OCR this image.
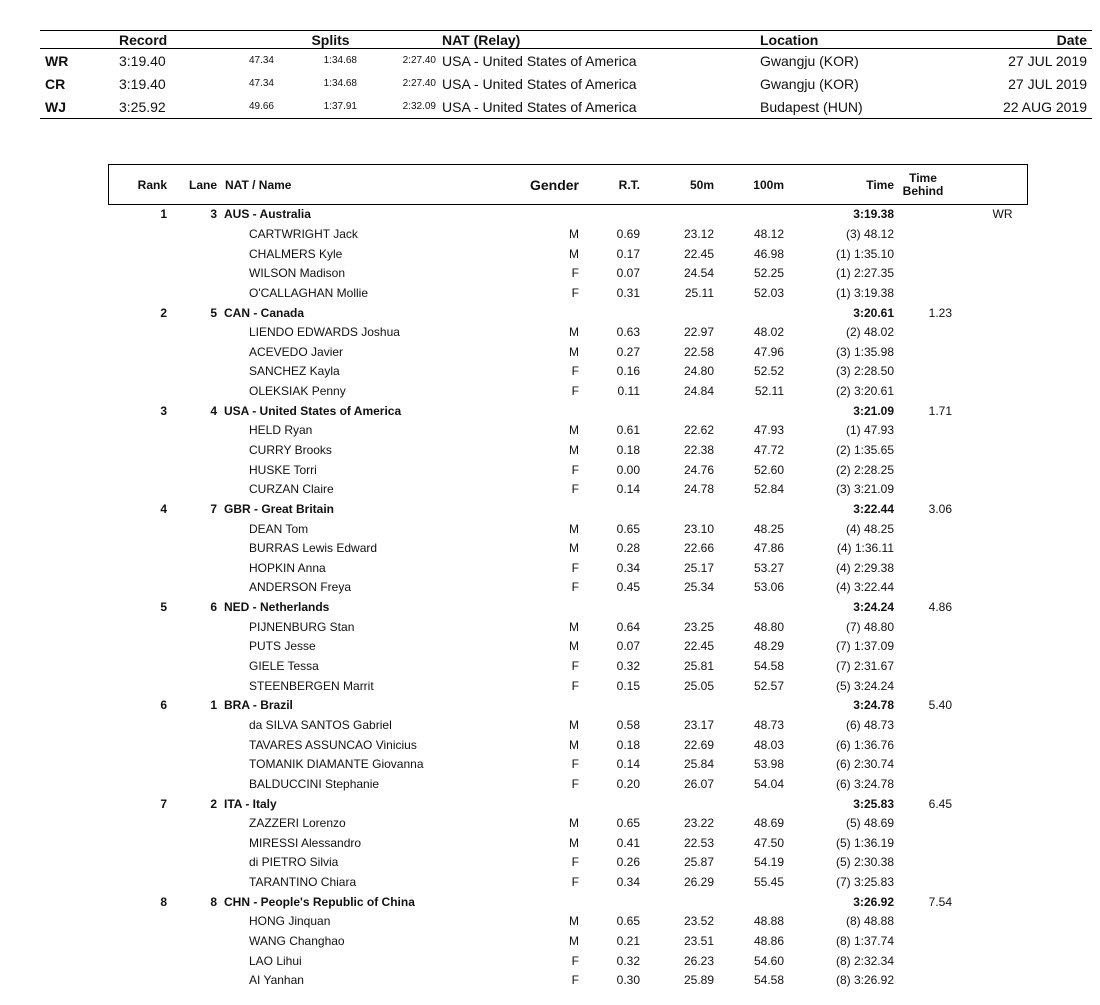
	Record	Splits			NAT (Relay)	Location	Date
WR	3:19.40	47.34	1:34.68	2:27.40	USA - United States of America	Gwangju (KOR)	27 JUL 2019
CR	3:19.40	47.34	1:34.68	2:27.40	USA - United States of America	Gwangju (KOR)	27 JUL 2019
WJ	3:25.92	49.66	1:37.91	2:32.09	USA - United States of America	Budapest (HUN)	22 AUG 2019
Rank	Lane	NAT / Name	Gender	R.T.	50m	100m	Time	Time Behind	
1	3	AUS - Australia					3:19.38		WR
		CARTWRIGHT Jack	M	0.69	23.12	48.12	(3) 48.12		
		CHALMERS Kyle	M	0.17	22.45	46.98	(1) 1:35.10		
		WILSON Madison	F	0.07	24.54	52.25	(1) 2:27.35		
		O'CALLAGHAN Mollie	F	0.31	25.11	52.03	(1) 3:19.38		
2	5	CAN - Canada					3:20.61	1.23	
		LIENDO EDWARDS Joshua	M	0.63	22.97	48.02	(2) 48.02		
		ACEVEDO Javier	M	0.27	22.58	47.96	(3) 1:35.98		
		SANCHEZ Kayla	F	0.16	24.80	52.52	(3) 2:28.50		
		OLEKSIAK Penny	F	0.11	24.84	52.11	(2) 3:20.61		
3	4	USA - United States of America					3:21.09	1.71	
		HELD Ryan	M	0.61	22.62	47.93	(1) 47.93		
		CURRY Brooks	M	0.18	22.38	47.72	(2) 1:35.65		
		HUSKE Torri	F	0.00	24.76	52.60	(2) 2:28.25		
		CURZAN Claire	F	0.14	24.78	52.84	(3) 3:21.09		
4	7	GBR - Great Britain					3:22.44	3.06	
		DEAN Tom	M	0.65	23.10	48.25	(4) 48.25		
		BURRAS Lewis Edward	M	0.28	22.66	47.86	(4) 1:36.11		
		HOPKIN Anna	F	0.34	25.17	53.27	(4) 2:29.38		
		ANDERSON Freya	F	0.45	25.34	53.06	(4) 3:22.44		
5	6	NED - Netherlands					3:24.24	4.86	
		PIJNENBURG Stan	M	0.64	23.25	48.80	(7) 48.80		
		PUTS Jesse	M	0.07	22.45	48.29	(7) 1:37.09		
		GIELE Tessa	F	0.32	25.81	54.58	(7) 2:31.67		
		STEENBERGEN Marrit	F	0.15	25.05	52.57	(5) 3:24.24		
6	1	BRA - Brazil					3:24.78	5.40	
		da SILVA SANTOS Gabriel	M	0.58	23.17	48.73	(6) 48.73		
		TAVARES ASSUNCAO Vinicius	M	0.18	22.69	48.03	(6) 1:36.76		
		TOMANIK DIAMANTE Giovanna	F	0.14	25.84	53.98	(6) 2:30.74		
		BALDUCCINI Stephanie	F	0.20	26.07	54.04	(6) 3:24.78		
7	2	ITA - Italy					3:25.83	6.45	
		ZAZZERI Lorenzo	M	0.65	23.22	48.69	(5) 48.69		
		MIRESSI Alessandro	M	0.41	22.53	47.50	(5) 1:36.19		
		di PIETRO Silvia	F	0.26	25.87	54.19	(5) 2:30.38		
		TARANTINO Chiara	F	0.34	26.29	55.45	(7) 3:25.83		
8	8	CHN - People's Republic of China					3:26.92	7.54	
		HONG Jinquan	M	0.65	23.52	48.88	(8) 48.88		
		WANG Changhao	M	0.21	23.51	48.86	(8) 1:37.74		
		LAO Lihui	F	0.32	26.23	54.60	(8) 2:32.34		
		AI Yanhan	F	0.30	25.89	54.58	(8) 3:26.92		
